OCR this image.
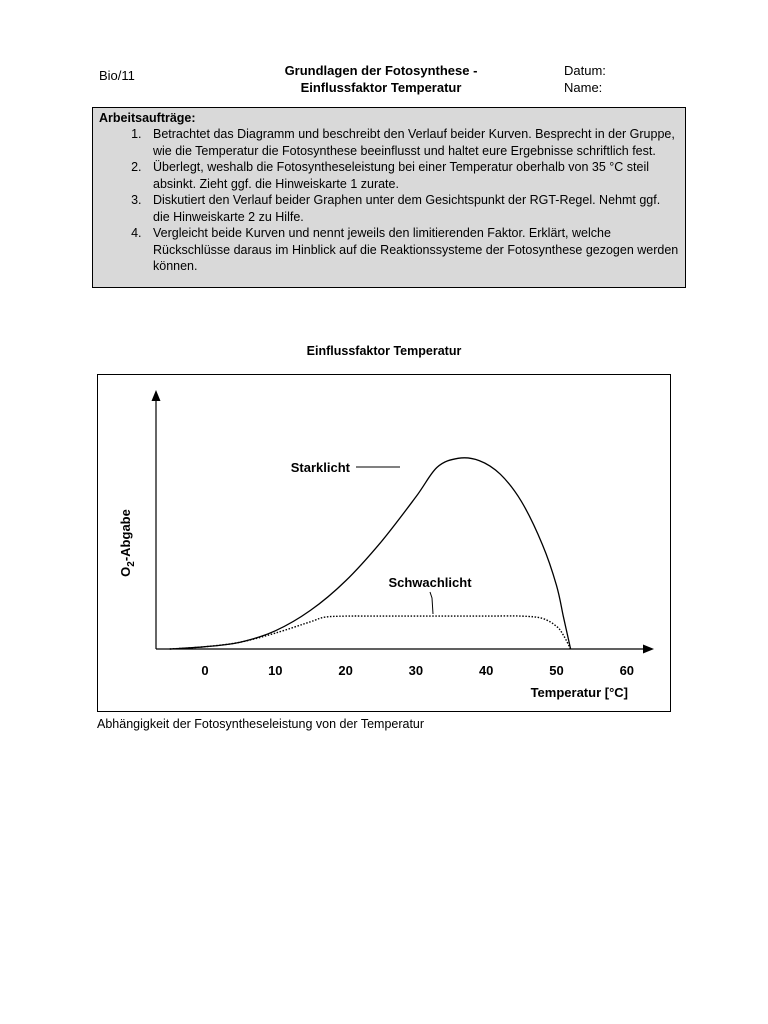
Bio/11	Grundlagen der Fotosynthese -
Einflussfaktor Temperatur
Datum:
Name:
Arbeitsaufträge:
1. Betrachtet das Diagramm und beschreibt den Verlauf beider Kurven. Besprecht in der Gruppe, wie die Temperatur die Fotosynthese beeinflusst und haltet eure Ergebnisse schriftlich fest.
2. Überlegt, weshalb die Fotosyntheseleistung bei einer Temperatur oberhalb von 35 °C steil absinkt. Zieht ggf. die Hinweiskarte 1 zurate.
3. Diskutiert den Verlauf beider Graphen unter dem Gesichtspunkt der RGT-Regel. Nehmt ggf. die Hinweiskarte 2 zu Hilfe.
4. Vergleicht beide Kurven und nennt jeweils den limitierenden Faktor. Erklärt, welche Rückschlüsse daraus im Hinblick auf die Reaktionssysteme der Fotosynthese gezogen werden können.
Einflussfaktor Temperatur
0	10	20	30	40	50	60
Temperatur [°C]
$O_2$-Abgabe
Starklicht
Schwachlicht
Abhängigkeit der Fotosyntheseleistung von der Temperatur
